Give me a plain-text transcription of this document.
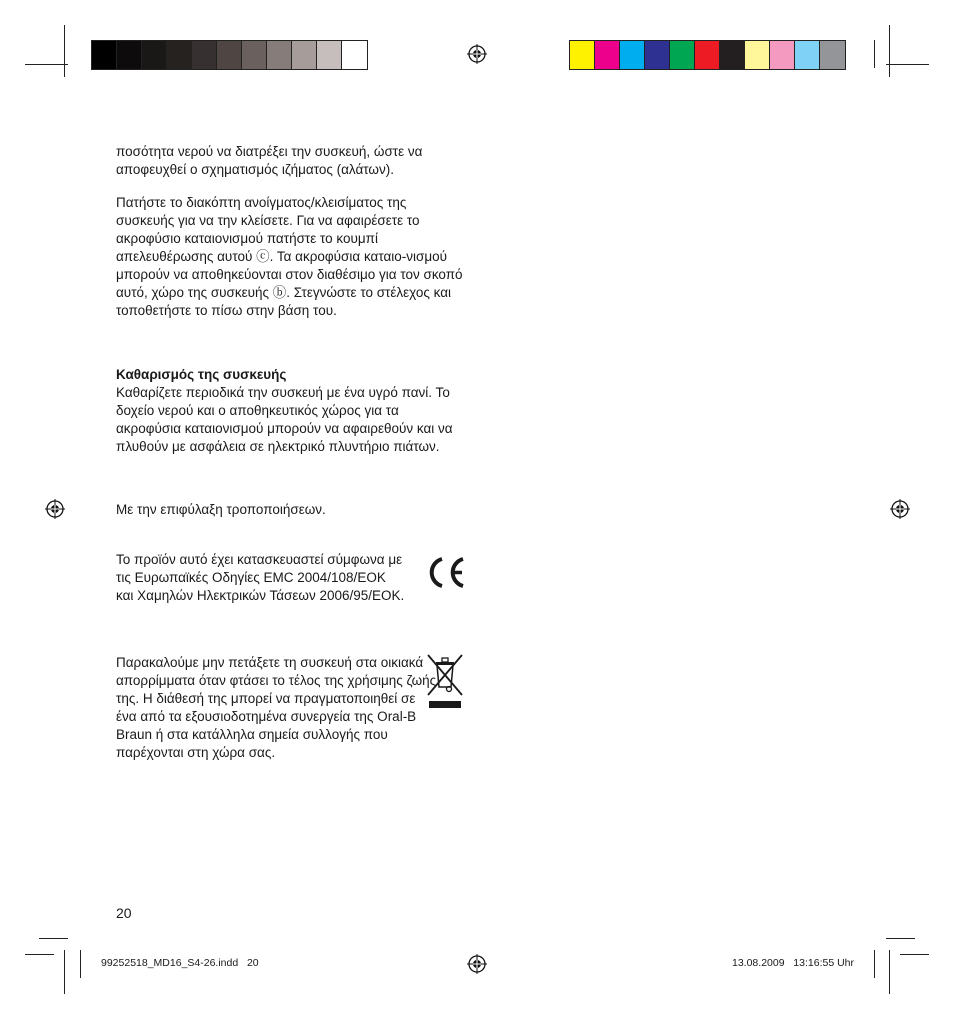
ποσότητα νερού να διατρέξει την συσκευή, ώστε να αποφευχθεί ο σχηματισμός ιζήματος (αλάτων).

Πατήστε το διακόπτη ανοίγματος/κλεισίματος της συσκευής για να την κλείσετε. Για να αφαιρέσετε το ακροφύσιο καταιονισμού πατήστε το κουμπί απελευθέρωσης αυτού ⓒ. Τα ακροφύσια καταιο-νισμού μπορούν να αποθηκεύονται στον διαθέσιμο για τον σκοπό αυτό, χώρο της συσκευής ⓑ. Στεγνώστε το στέλεχος και τοποθετήστε το πίσω στην βάση του.

Καθαρισμός της συσκευής

Καθαρίζετε περιοδικά την συσκευή με ένα υγρό πανί. Το δοχείο νερού και ο αποθηκευτικός χώρος για τα ακροφύσια καταιονισμού μπορούν να αφαιρεθούν και να πλυθούν με ασφάλεια σε ηλεκτρικό πλυντήριο πιάτων.

Με την επιφύλαξη τροποποιήσεων.

Το προϊόν αυτό έχει κατασκευαστεί σύμφωνα με τις Ευρωπαϊκές Οδηγίες EMC 2004/108/ΕΟΚ και Χαμηλών Ηλεκτρικών Τάσεων 2006/95/ΕΟΚ.

Παρακαλούμε μην πετάξετε τη συσκευή στα οικιακά απορρίμματα όταν φτάσει το τέλος της χρήσιμης ζωής της. Η διάθεσή της μπορεί να πραγματοποιηθεί σε ένα από τα εξουσιοδοτημένα συνεργεία της Oral-B Braun ή στα κατάλληλα σημεία συλλογής που παρέχονται στη χώρα σας.

20
99252518_MD16_S4-26.indd   20	13.08.2009   13:16:55 Uhr
